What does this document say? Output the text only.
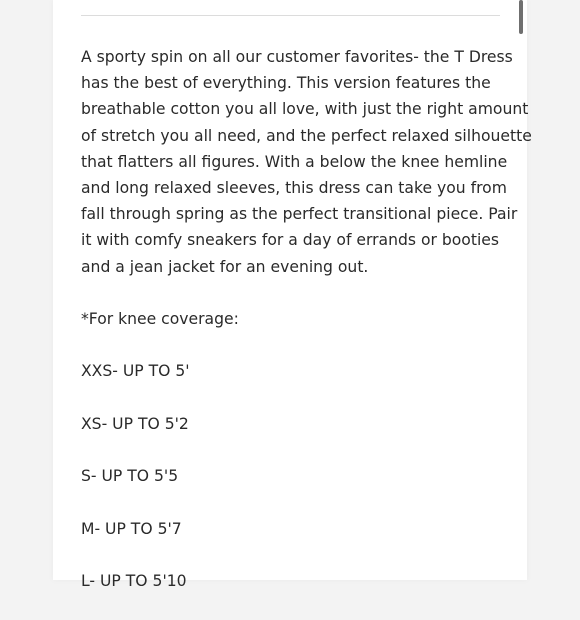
A sporty spin on all our customer favorites- the T Dress
has the best of everything. This version features the
breathable cotton you all love, with just the right amount
of stretch you all need, and the perfect relaxed silhouette
that flatters all figures. With a below the knee hemline
and long relaxed sleeves, this dress can take you from
fall through spring as the perfect transitional piece. Pair
it with comfy sneakers for a day of errands or booties
and a jean jacket for an evening out.

*For knee coverage:

XXS- UP TO 5'

XS- UP TO 5'2

S- UP TO 5'5

M- UP TO 5'7

L- UP TO 5'10
